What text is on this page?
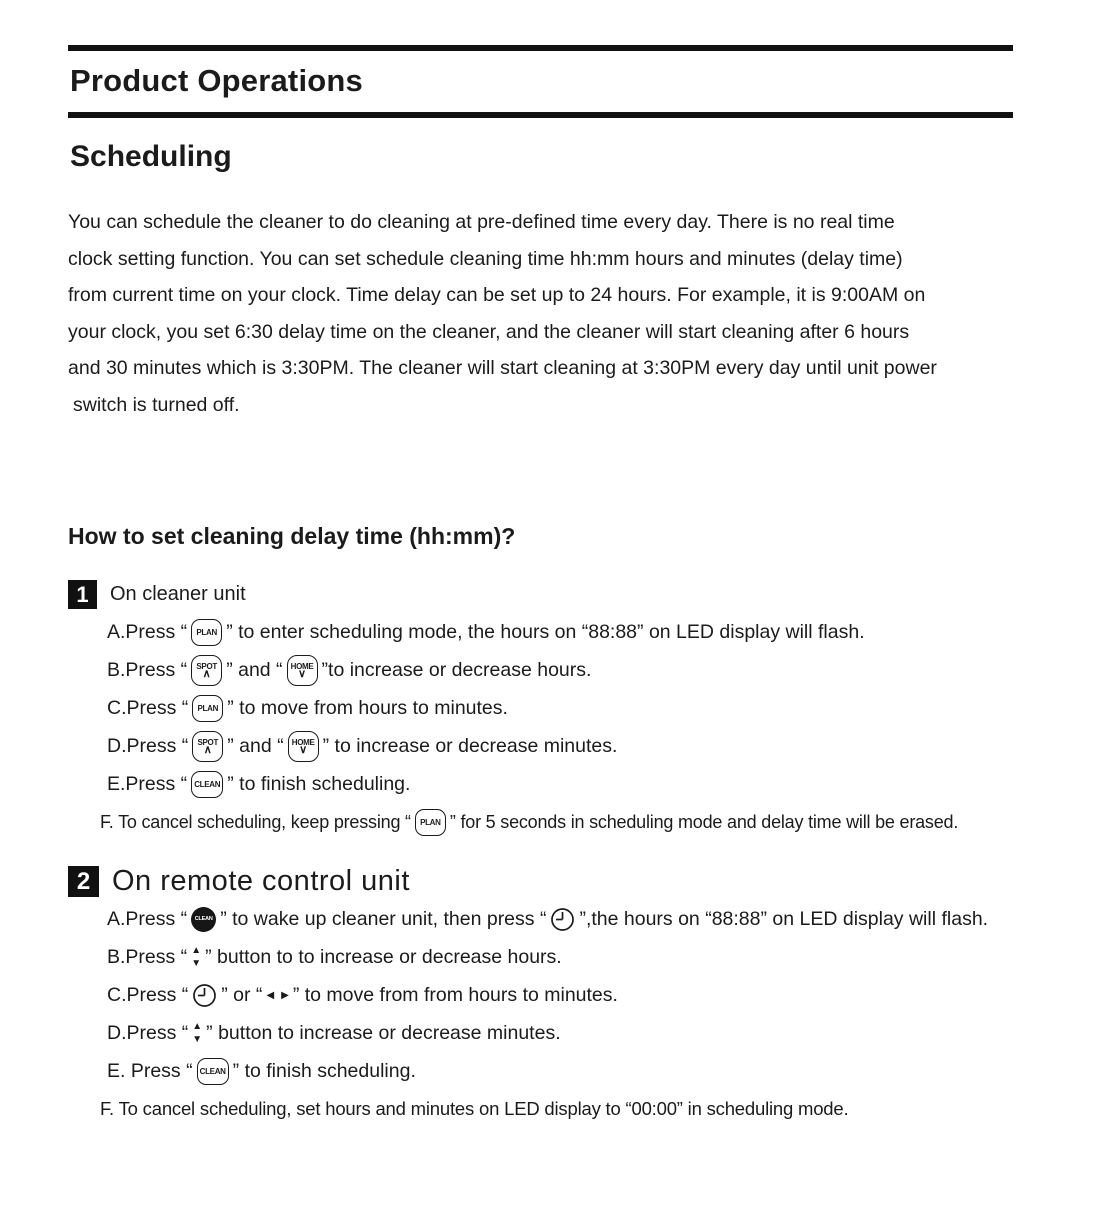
Product Operations
Scheduling
You can schedule the cleaner to do cleaning at pre-defined time every day. There is no real time
clock setting function. You can set schedule cleaning time hh:mm hours and minutes (delay time)
from current time on your clock. Time delay can be set up to 24 hours. For example, it is 9:00AM on
your clock, you set 6:30 delay time on the cleaner, and the cleaner will start cleaning after 6 hours
and 30 minutes which is 3:30PM. The cleaner will start cleaning at 3:30PM every day until unit power
switch is turned off.
How to set cleaning delay time (hh:mm)?
1	On cleaner unit
A.Press “ PLAN ” to enter scheduling mode, the hours on “88:88” on LED display will flash.
B.Press “ SPOT
∧ ” and “ HOME
∨ ”to increase or decrease hours.
C.Press “ PLAN ” to move from hours to minutes.
D.Press “ SPOT
∧ ” and “ HOME
∨ ” to increase or decrease minutes.
E.Press “ CLEAN ” to finish scheduling.
F. To cancel scheduling, keep pressing “ PLAN ” for 5 seconds in scheduling mode and delay time will be erased.
2 On remote control unit
A.Press “ CLEAN ” to wake up cleaner unit, then press “ ”,the hours on “88:88” on LED display will flash.
B.Press “ ▲
▼ ” button to to increase or decrease hours.
C.Press “ ” or “ ◀ ▶ ” to move from from hours to minutes.
D.Press “ ▲
▼ ” button to increase or decrease minutes.
E. Press “ CLEAN ” to finish scheduling.
F. To cancel scheduling, set hours and minutes on LED display to “00:00” in scheduling mode.
